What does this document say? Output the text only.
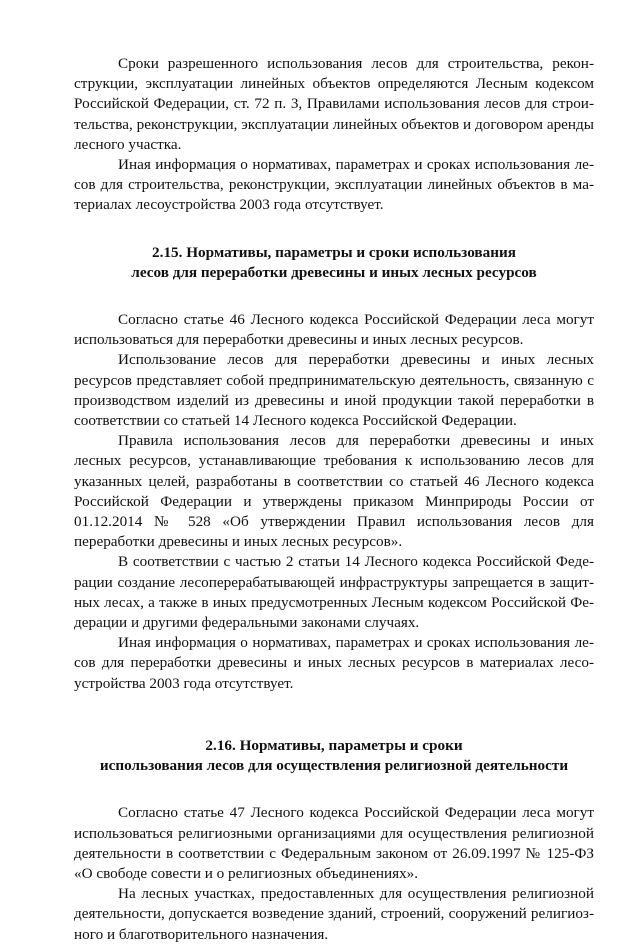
Сроки разрешенного использования лесов для строительства, реконструкции, эксплуатации линейных объектов определяются Лесным кодексом Российской Федерации, ст. 72 п. 3, Правилами использования лесов для строительства, реконструкции, эксплуатации линейных объектов и договором аренды лесного участка.

Иная информация о нормативах, параметрах и сроках использования лесов для строительства, реконструкции, эксплуатации линейных объектов в материалах лесоустройства 2003 года отсутствует.

2.15. Нормативы, параметры и сроки использования
лесов для переработки древесины и иных лесных ресурсов

Согласно статье 46 Лесного кодекса Российской Федерации леса могут использоваться для переработки древесины и иных лесных ресурсов.

Использование лесов для переработки древесины и иных лесных ресурсов представляет собой предпринимательскую деятельность, связанную с производством изделий из древесины и иной продукции такой переработки в соответствии со статьей 14 Лесного кодекса Российской Федерации.

Правила использования лесов для переработки древесины и иных лесных ресурсов, устанавливающие требования к использованию лесов для указанных целей, разработаны в соответствии со статьей 46 Лесного кодекса Российской Федерации и утверждены приказом Минприроды России от 01.12.2014 № 528 «Об утверждении Правил использования лесов для переработки древесины и иных лесных ресурсов».

В соответствии с частью 2 статьи 14 Лесного кодекса Российской Федерации создание лесоперерабатывающей инфраструктуры запрещается в защитных лесах, а также в иных предусмотренных Лесным кодексом Российской Федерации и другими федеральными законами случаях.

Иная информация о нормативах, параметрах и сроках использования лесов для переработки древесины и иных лесных ресурсов в материалах лесоустройства 2003 года отсутствует.

2.16. Нормативы, параметры и сроки
использования лесов для осуществления религиозной деятельности

Согласно статье 47 Лесного кодекса Российской Федерации леса могут использоваться религиозными организациями для осуществления религиозной деятельности в соответствии с Федеральным законом от 26.09.1997 № 125-ФЗ «О свободе совести и о религиозных объединениях».

На лесных участках, предоставленных для осуществления религиозной деятельности, допускается возведение зданий, строений, сооружений религиозного и благотворительного назначения.
